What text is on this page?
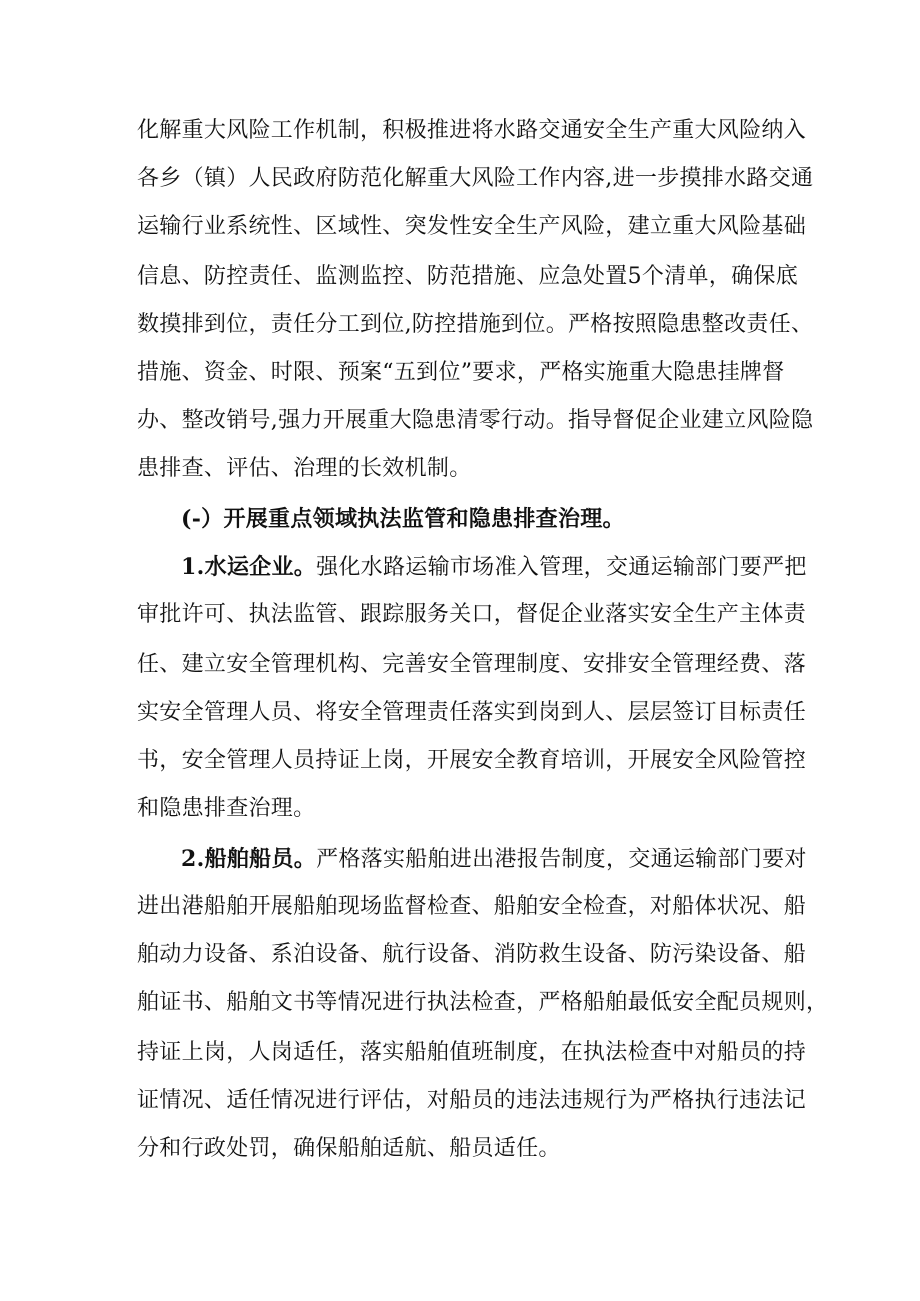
化解重大风险工作机制，积极推进将水路交通安全生产重大风险纳入
各乡（镇）人民政府防范化解重大风险工作内容,进一步摸排水路交通
运输行业系统性、区域性、突发性安全生产风险，建立重大风险基础
信息、防控责任、监测监控、防范措施、应急处置5个清单，确保底
数摸排到位，责任分工到位,防控措施到位。严格按照隐患整改责任、
措施、资金、时限、预案“五到位”要求，严格实施重大隐患挂牌督
办、整改销号,强力开展重大隐患清零行动。指导督促企业建立风险隐
患排查、评估、治理的长效机制。
(-）开展重点领域执法监管和隐患排查治理。
1.水运企业。强化水路运输市场准入管理，交通运输部门要严把
审批许可、执法监管、跟踪服务关口，督促企业落实安全生产主体责
任、建立安全管理机构、完善安全管理制度、安排安全管理经费、落
实安全管理人员、将安全管理责任落实到岗到人、层层签订目标责任
书，安全管理人员持证上岗，开展安全教育培训，开展安全风险管控
和隐患排查治理。
2.船舶船员。严格落实船舶进出港报告制度，交通运输部门要对
进出港船舶开展船舶现场监督检查、船舶安全检查，对船体状况、船
舶动力设备、系泊设备、航行设备、消防救生设备、防污染设备、船
舶证书、船舶文书等情况进行执法检查，严格船舶最低安全配员规则，
持证上岗，人岗适任，落实船舶值班制度，在执法检查中对船员的持
证情况、适任情况进行评估，对船员的违法违规行为严格执行违法记
分和行政处罚，确保船舶适航、船员适任。
